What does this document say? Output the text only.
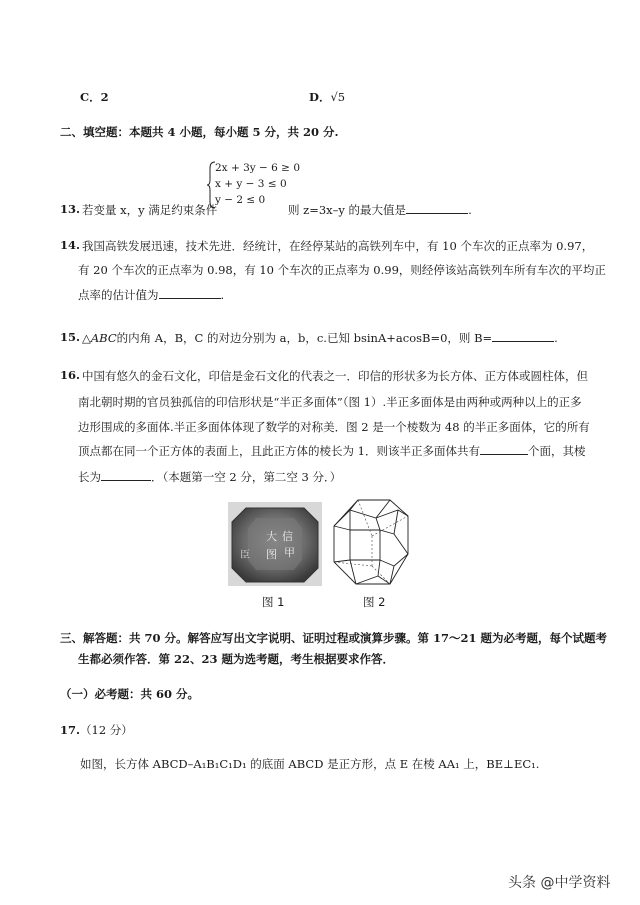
C．2	D．√5
二、填空题：本题共 4 小题，每小题 5 分，共 20 分.
2x + 3y − 6 ≥ 0
x + y − 3 ≤ 0
y − 2 ≤ 0
13. 若变量 x，y 满足约束条件	则 z=3x–y 的最大值是	.
14. 我国高铁发展迅速，技术先进．经统计，在经停某站的高铁列车中，有 10 个车次的正点率为 0.97，
有 20 个车次的正点率为 0.98，有 10 个车次的正点率为 0.99，则经停该站高铁列车所有车次的平均正
点率的估计值为	.
15. △ABC的内角 A，B，C 的对边分别为 a，b，c.已知 bsinA+acosB=0，则 B=	.
16. 中国有悠久的金石文化，印信是金石文化的代表之一．印信的形状多为长方体、正方体或圆柱体，但
南北朝时期的官员独孤信的印信形状是“半正多面体”（图 1）.半正多面体是由两种或两种以上的正多
边形围成的多面体.半正多面体体现了数学的对称美．图 2 是一个棱数为 48 的半正多面体，它的所有
顶点都在同一个正方体的表面上，且此正方体的棱长为 1．则该半正多面体共有	个面，其棱
长为	．（本题第一空 2 分，第二空 3 分．）
大 信
甲
臣 图
图 1	图 2
三、解答题：共 70 分。解答应写出文字说明、证明过程或演算步骤。第 17～21 题为必考题，每个试题考
生都必须作答．第 22、23 题为选考题，考生根据要求作答．
（一）必考题：共 60 分。
17.（12 分）
如图，长方体 ABCD–A₁B₁C₁D₁ 的底面 ABCD 是正方形，点 E 在棱 AA₁ 上，BE⊥EC₁.
头条 @中学资料
